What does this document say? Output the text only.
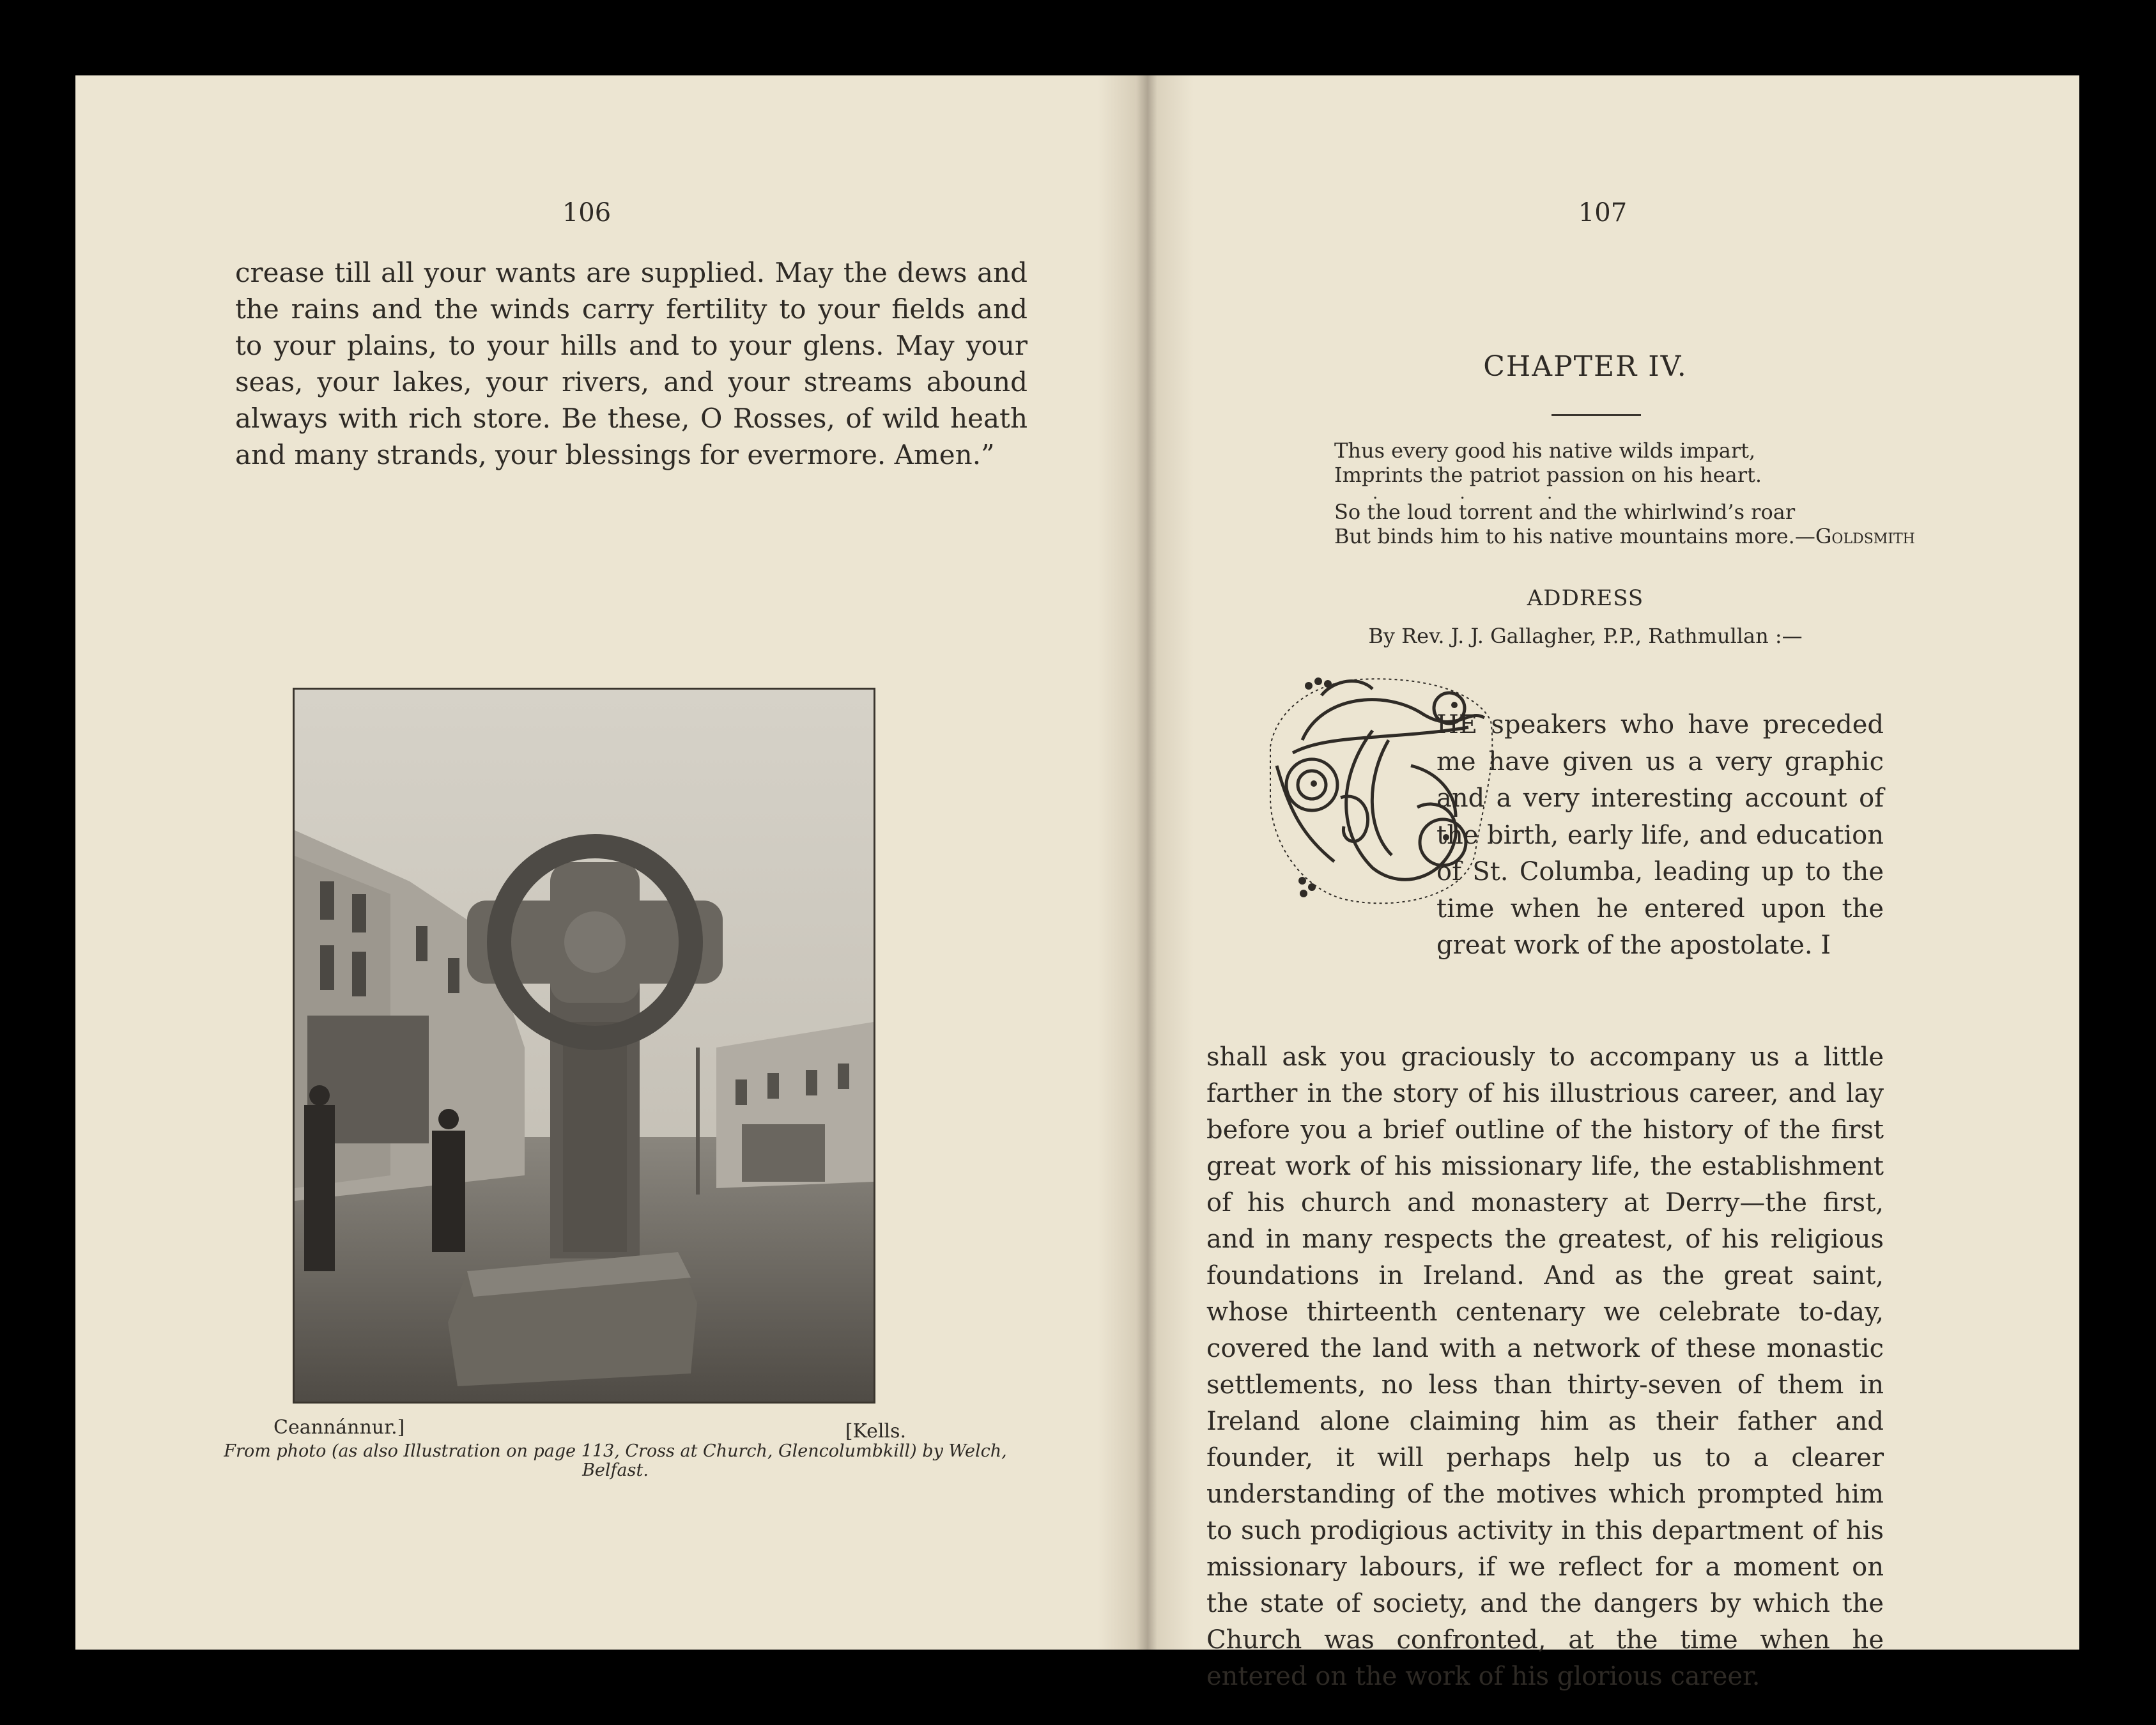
106

crease till all your wants are supplied. May the dews and the rains and the winds carry fertility to your fields and to your plains, to your hills and to your glens. May your seas, your lakes, your rivers, and your streams abound always with rich store. Be these, O Rosses, of wild heath and many strands, your blessings for evermore. Amen.”

Ceannánnur.]	[Kells.
From photo (as also Illustration on page 113, Cross at Church, Glencolumbkill) by Welch, Belfast.
107
CHAPTER IV.
Thus every good his native wilds impart,
Imprints the patriot passion on his heart.
. . .
So the loud torrent and the whirlwind’s roar
But binds him to his native mountains more.—Goldsmith
ADDRESS
By Rev. J. J. Gallagher, P.P., Rathmullan :—
HE speakers who have preceded me have given us a very graphic and a very interesting account of the birth, early life, and education of St. Columba, leading up to the time when he entered upon the great work of the apostolate. I
shall ask you graciously to accompany us a little farther in the story of his illustrious career, and lay before you a brief outline of the history of the first great work of his missionary life, the establishment of his church and monastery at Derry—the first, and in many respects the greatest, of his religious foundations in Ireland. And as the great saint, whose thirteenth centenary we celebrate to-day, covered the land with a network of these monastic settlements, no less than thirty-seven of them in Ireland alone claiming him as their father and founder, it will perhaps help us to a clearer understanding of the motives which prompted him to such prodigious activity in this department of his missionary labours, if we reflect for a moment on the state of society, and the dangers by which the Church was confronted, at the time when he entered on the work of his glorious career.
